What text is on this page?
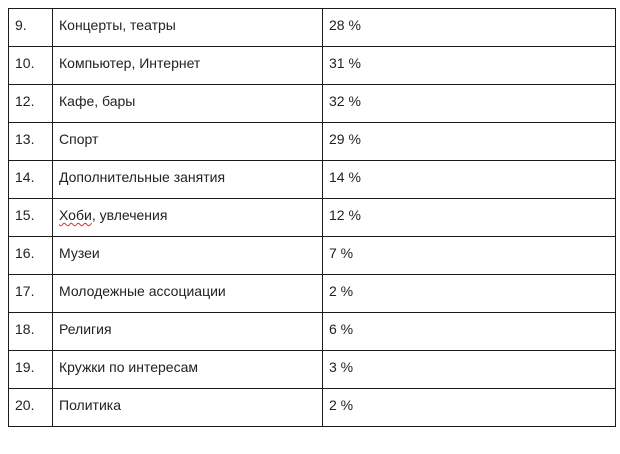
9.	Концерты, театры	28 %
10.	Компьютер, Интернет	31 %
12.	Кафе, бары	32 %
13.	Спорт	29 %
14.	Дополнительные занятия	14 %
15.	Хоби, увлечения	12 %
16.	Музеи	7 %
17.	Молодежные ассоциации	2 %
18.	Религия	6 %
19.	Кружки по интересам	3 %
20.	Политика	2 %
